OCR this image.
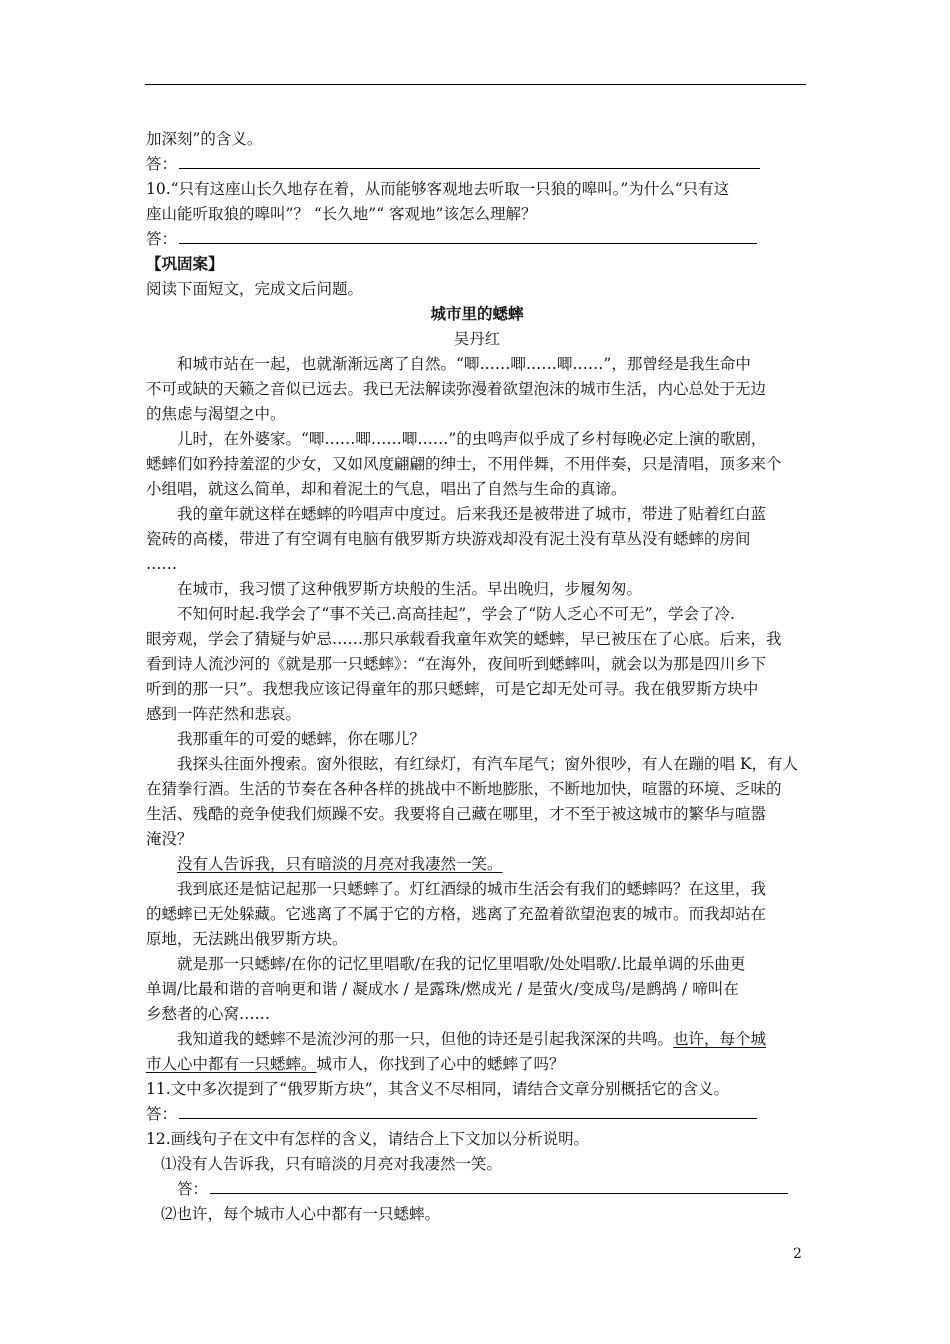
加深刻”的含义。
答：
10.“只有这座山长久地存在着，从而能够客观地去听取一只狼的嗥叫。”为什么“只有这
座山能听取狼的嗥叫”？ “长久地”“ 客观地”该怎么理解？
答：
【巩固案】
阅读下面短文，完成文后问题。
城市里的蟋蟀
吴丹红
和城市站在一起，也就渐渐远离了自然。“唧……唧……唧……”，那曾经是我生命中
不可或缺的天籁之音似已远去。我已无法解读弥漫着欲望泡沫的城市生活，内心总处于无边
的焦虑与渴望之中。
儿时，在外婆家。“唧……唧……唧……”的虫鸣声似乎成了乡村每晚必定上演的歌剧，
蟋蟀们如矜持羞涩的少女，又如风度翩翩的绅士，不用伴舞，不用伴奏，只是清唱，顶多来个
小组唱，就这么简单，却和着泥土的气息，唱出了自然与生命的真谛。
我的童年就这样在蟋蟀的吟唱声中度过。后来我还是被带进了城市，带进了贴着红白蓝
瓷砖的高楼，带进了有空调有电脑有俄罗斯方块游戏却没有泥土没有草丛没有蟋蟀的房间
……
在城市，我习惯了这种俄罗斯方块般的生活。早出晚归，步履匆匆。
不知何时起.我学会了“事不关己.高高挂起”，学会了“防人乏心不可无”，学会了冷.
眼旁观，学会了猜疑与妒忌……那只承载看我童年欢笑的蟋蟀，早已被压在了心底。后来，我
看到诗人流沙河的《就是那一只蟋蟀》：“在海外，夜间听到蟋蟀叫，就会以为那是四川乡下
听到的那一只”。我想我应该记得童年的那只蟋蟀，可是它却无处可寻。我在俄罗斯方块中
感到一阵茫然和悲哀。
我那重年的可爱的蟋蟀，你在哪儿？
我探头往面外搜索。窗外很眩，有红绿灯，有汽车尾气；窗外很吵，有人在蹦的唱 K，有人
在猜拳行酒。生活的节奏在各种各样的挑战中不断地膨胀，不断地加快，喧嚣的环境、乏味的
生活、残酷的竞争使我们烦躁不安。我要将自己藏在哪里，才不至于被这城市的繁华与喧嚣
淹没？
没有人告诉我，只有暗淡的月亮对我凄然一笑。
我到底还是惦记起那一只蟋蟀了。灯红酒绿的城市生活会有我们的蟋蟀吗？在这里，我
的蟋蟀已无处躲藏。它逃离了不属于它的方格，逃离了充盈着欲望泡衷的城市。而我却站在
原地，无法跳出俄罗斯方块。
就是那一只蟋蟀/在你的记忆里唱歌/在我的记忆里唱歌/处处唱歌/.比最单调的乐曲更
单调/比最和谐的音响更和谐 / 凝成水 / 是露珠/燃成光 / 是萤火/变成鸟/是鹧鸪 / 啼叫在
乡愁者的心窝……
我知道我的蟋蟀不是流沙河的那一只，但他的诗还是引起我深深的共鸣。也许，每个城
市人心中都有一只蟋蟀。城市人，你找到了心中的蟋蟀了吗？
11.文中多次提到了“俄罗斯方块”，其含义不尽相同，请结合文章分别概括它的含义。
答：
12.画线句子在文中有怎样的含义，请结合上下文加以分析说明。
⑴没有人告诉我，只有暗淡的月亮对我凄然一笑。
答：
⑵也许，每个城市人心中都有一只蟋蟀。
2
